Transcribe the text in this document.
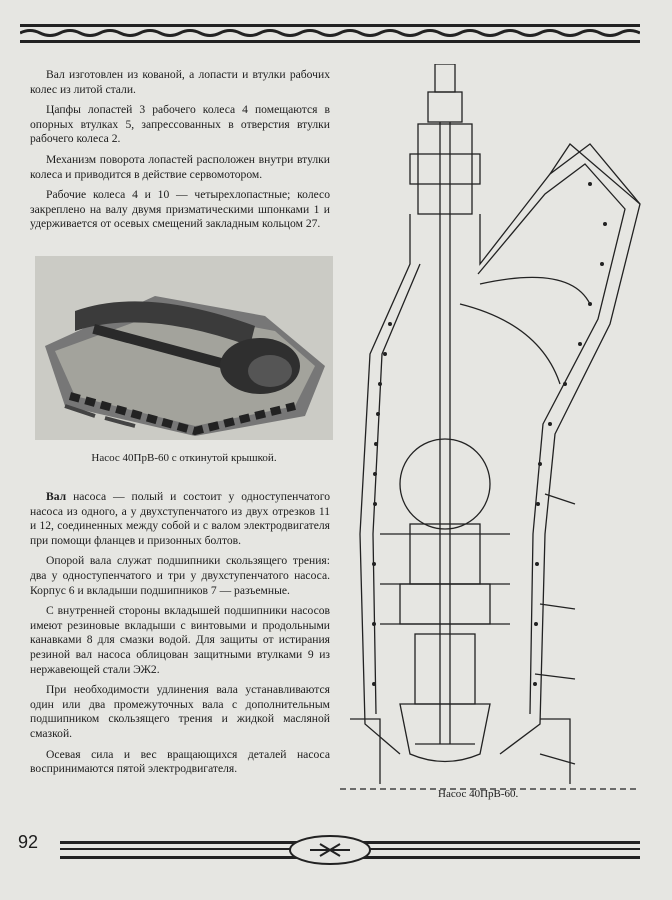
Вал изготовлен из кованой, а лопасти и втулки рабочих колес из литой стали.

Цапфы лопастей 3 рабочего колеса 4 помещаются в опорных втулках 5, запрессованных в отверстия втулки рабочего колеса 2.

Механизм поворота лопастей расположен внутри втулки колеса и приводится в действие сервомотором.

Рабочие колеса 4 и 10 — четырехлопастные; колесо закреплено на валу двумя призматическими шпонками 1 и удерживается от осевых смещений закладным кольцом 27.

Насос 40ПрВ-60 с откинутой крышкой.

Вал насоса — полый и состоит у одноступенчатого насоса из одного, а у двухступенчатого из двух отрезков 11 и 12, соединенных между собой и с валом электродвигателя при помощи фланцев и призонных болтов.

Опорой вала служат подшипники скользящего трения: два у одноступенчатого и три у двухступенчатого насоса. Корпус 6 и вкладыши подшипников 7 — разъемные.

С внутренней стороны вкладышей подшипники насосов имеют резиновые вкладыши с винтовыми и продольными канавками 8 для смазки водой. Для защиты от истирания резиной вал насоса облицован защитными втулками 9 из нержавеющей стали ЭЖ2.

При необходимости удлинения вала устанавливаются один или два промежуточных вала с дополнительным подшипником скользящего трения и жидкой масляной смазкой.

Осевая сила и вес вращающихся деталей насоса воспринимаются пятой электродвигателя.

Насос 40ПрВ-60.
92
